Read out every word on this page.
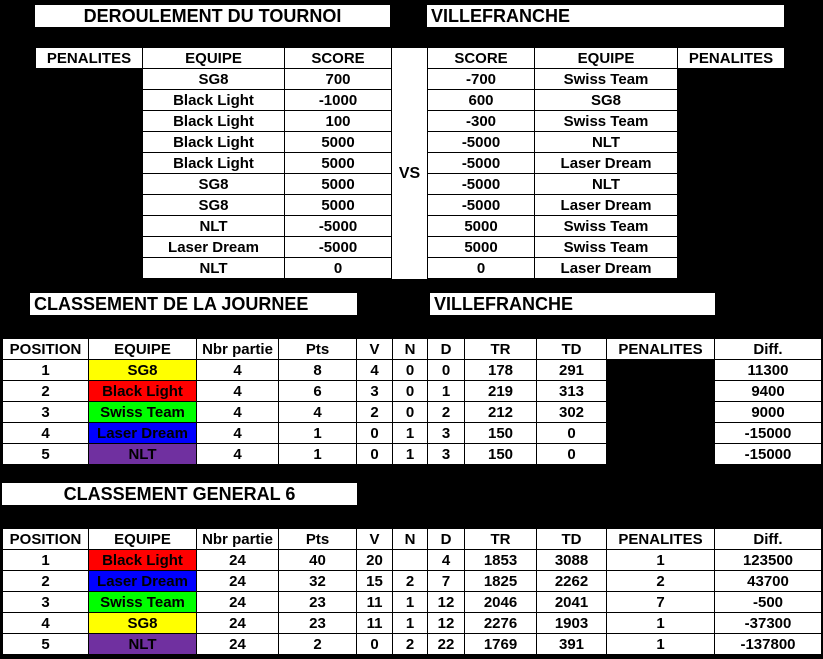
DEROULEMENT DU TOURNOI	VILLEFRANCHE
PENALITES	EQUIPE	SCORE		SCORE	EQUIPE	PENALITES
	SG8	700	VS	-700	Swiss Team	
	Black Light	-1000		600	SG8	
	Black Light	100		-300	Swiss Team	
	Black Light	5000		-5000	NLT	
	Black Light	5000		-5000	Laser Dream	
	SG8	5000		-5000	NLT	
	SG8	5000		-5000	Laser Dream	
	NLT	-5000		5000	Swiss Team	
	Laser Dream	-5000		5000	Swiss Team	
	NLT	0		0	Laser Dream	
CLASSEMENT DE LA JOURNEE	VILLEFRANCHE
POSITION	EQUIPE	Nbr partie	Pts	V	N	D	TR	TD	PENALITES	Diff.
1	SG8	4	8	4	0	0	178	291		11300
2	Black Light	4	6	3	0	1	219	313		9400
3	Swiss Team	4	4	2	0	2	212	302		9000
4	Laser Dream	4	1	0	1	3	150	0		-15000
5	NLT	4	1	0	1	3	150	0		-15000
CLASSEMENT GENERAL 6
POSITION	EQUIPE	Nbr partie	Pts	V	N	D	TR	TD	PENALITES	Diff.
1	Black Light	24	40	20		4	1853	3088	1	123500
2	Laser Dream	24	32	15	2	7	1825	2262	2	43700
3	Swiss Team	24	23	11	1	12	2046	2041	7	-500
4	SG8	24	23	11	1	12	2276	1903	1	-37300
5	NLT	24	2	0	2	22	1769	391	1	-137800
